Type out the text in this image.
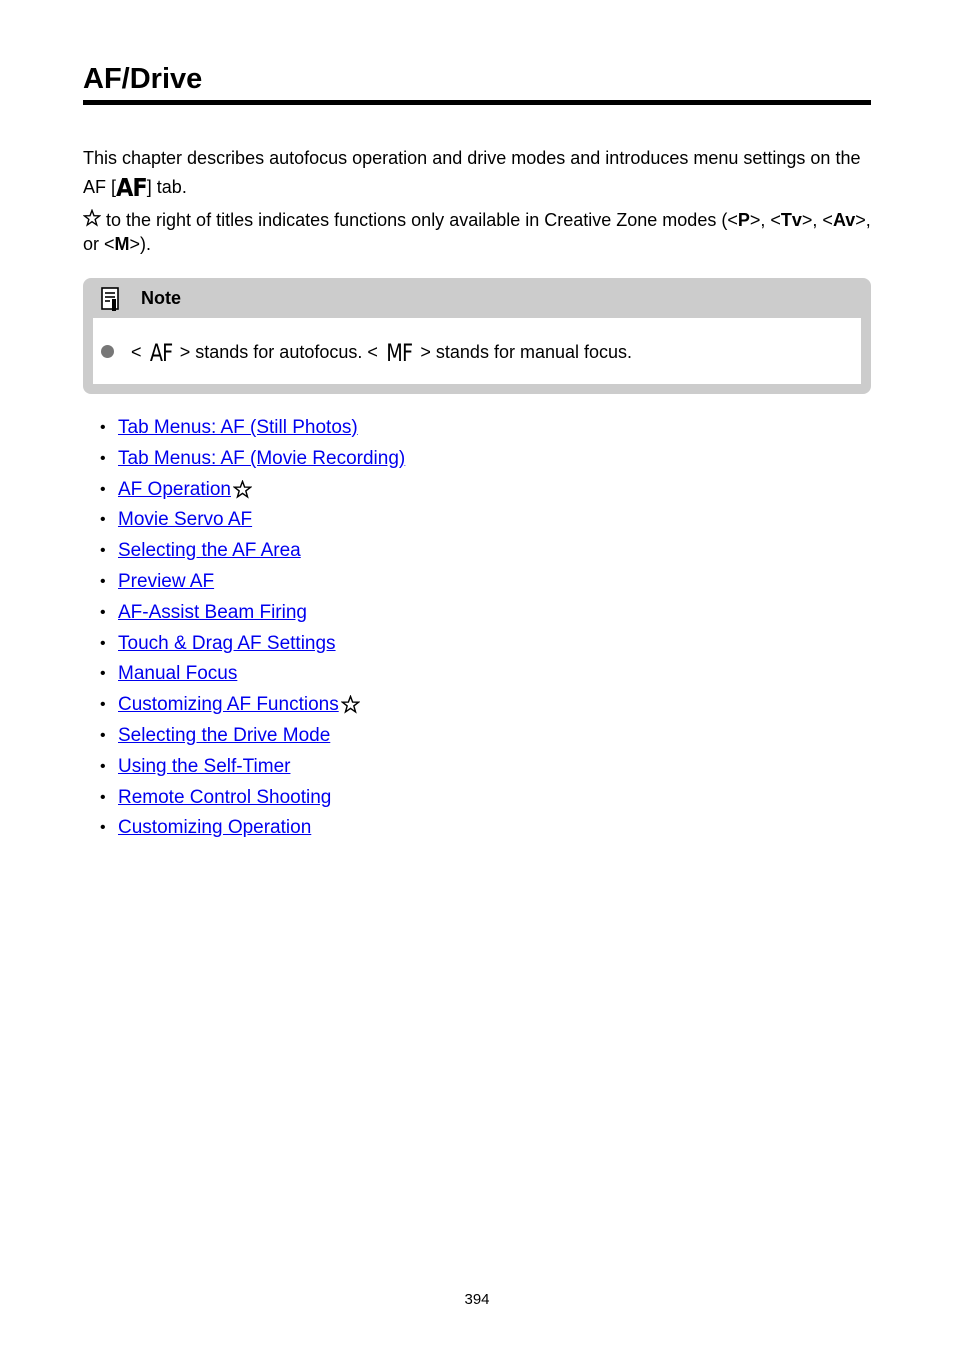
AF/Drive

This chapter describes autofocus operation and drive modes and introduces menu settings on the AF [AF] tab.

to the right of titles indicates functions only available in Creative Zone modes (<P>, <Tv>, <Av>, or <M>).

Note
< AF > stands for autofocus. < MF > stands for manual focus.
• Tab Menus: AF (Still Photos)
• Tab Menus: AF (Movie Recording)
• AF Operation
• Movie Servo AF
• Selecting the AF Area
• Preview AF
• AF-Assist Beam Firing
• Touch & Drag AF Settings
• Manual Focus
• Customizing AF Functions
• Selecting the Drive Mode
• Using the Self-Timer
• Remote Control Shooting
• Customizing Operation
394
